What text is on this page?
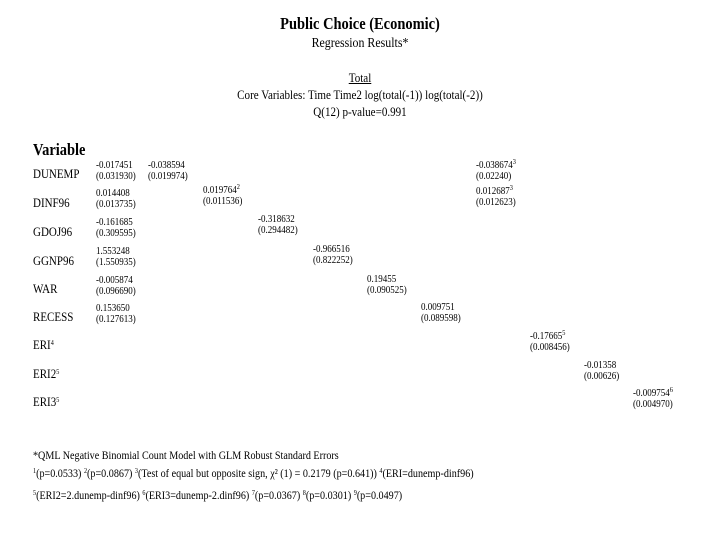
Public Choice (Economic)
Regression Results*
Total
Core Variables: Time Time2 log(total(-1)) log(total(-2))
Q(12) p-value=0.991
Variable
DUNEMP
DINF96
GDOJ96
GGNP96
WAR
RECESS
ERI$^4$
$ERI2^5$
$ERI3^5$
-0.017451
(0.031930)
0.014408
(0.013735)
-0.161685
(0.309595)
1.553248
(1.550935)
-0.005874
(0.096690)
0.153650
(0.127613)
-0.038594
(0.019974)
0.019764$^2$
(0.011536)
-0.318632
(0.294482)
-0.966516
(0.822252)
0.19455
(0.090525)
0.009751
(0.089598)
-0.038674$^3$
(0.02240)
0.012687$^3$
(0.012623)
-0.17665$^5$
(0.008456)
-0.01358
(0.00626)
-0.009754$^6$
(0.004970)
*QML Negative Binomial Count Model with GLM Robust Standard Errors
$^1$(p=0.0533) $^2$(p=0.0867) $^3$(Test of equal but opposite sign, χ² (1) = 0.2179 (p=0.641)) $^4$(ERI=dunemp-dinf96)
$^5$(ERI2=2.dunemp-dinf96) $^6$(ERI3=dunemp-2.dinf96) $^7$(p=0.0367) $^8$(p=0.0301) $^9$(p=0.0497)
